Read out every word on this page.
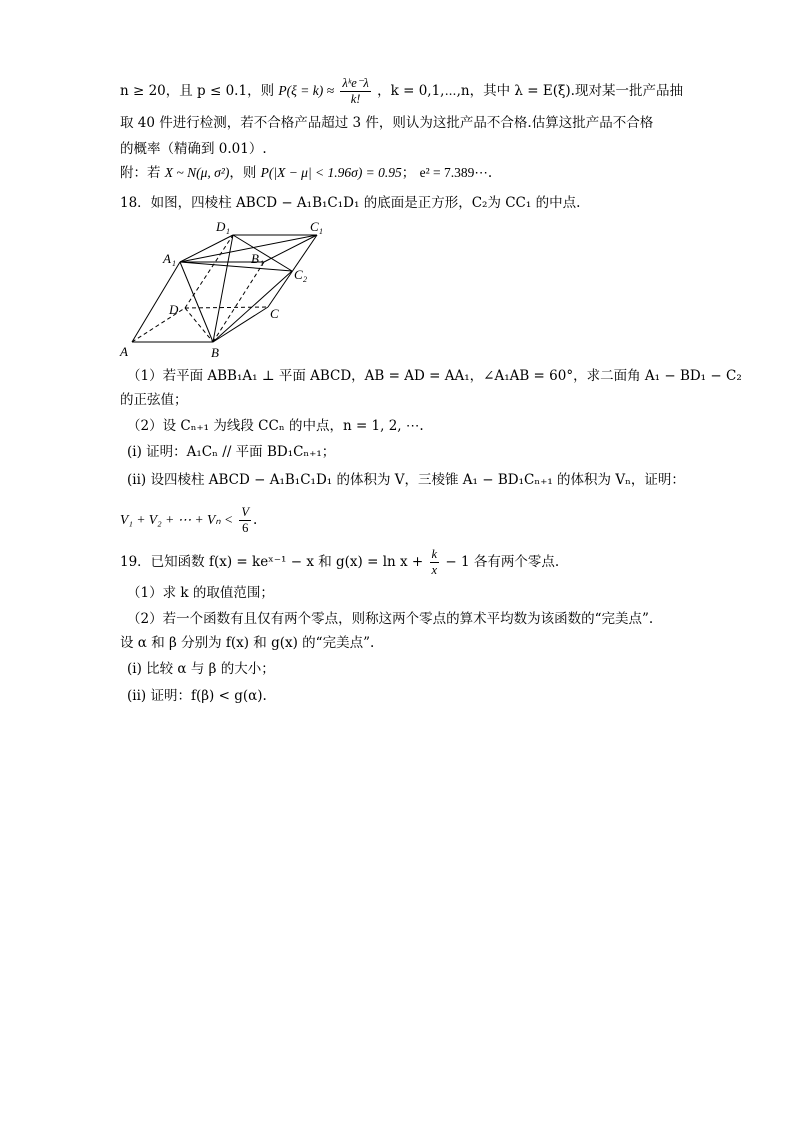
n ≥ 20，且 p ≤ 0.1，则 $P(\xi = k) \approx \frac{\text{λᵏe⁻λ}}{k!}$ ，k = 0,1,⋯,n，其中 λ = E(ξ).现对某一批产品抽
取 40 件进行检测，若不合格产品超过 3 件，则认为这批产品不合格.估算这批产品不合格
的概率（精确到 0.01）.
附：若 X ~ N(μ, σ²)，则 P(|X − μ| < 1.96σ) = 0.95； e² = 7.389⋯.
18．如图，四棱柱 ABCD − A₁B₁C₁D₁ 的底面是正方形，C₂为 CC₁ 的中点.
A	B
C
D
A 1	B 1
C 1
D 1
C 2
（1）若平面 ABB₁A₁ ⊥ 平面 ABCD，AB = AD = AA₁，∠A₁AB = 60°，求二面角 A₁ − BD₁ − C₂
的正弦值；
（2）设 Cₙ₊₁ 为线段 CCₙ 的中点，n = 1, 2, ⋯.
(i) 证明：A₁Cₙ // 平面 BD₁Cₙ₊₁；
(ii) 设四棱柱 ABCD − A₁B₁C₁D₁ 的体积为 V，三棱锥 A₁ − BD₁Cₙ₊₁ 的体积为 Vₙ，证明：
V₁ + V₂ + ⋯ + $V_n < \frac{V}{6}$ .
19．已知函数 f(x) = keˣ⁻¹ − x 和 $g(x) = \ln x + \frac{k}{x} - 1$ 各有两个零点.
（1）求 k 的取值范围；
（2）若一个函数有且仅有两个零点，则称这两个零点的算术平均数为该函数的“完美点”.
设 α 和 β 分别为 f(x) 和 g(x) 的“完美点”.
(i) 比较 α 与 β 的大小；
(ii) 证明：f(β) < g(α).
